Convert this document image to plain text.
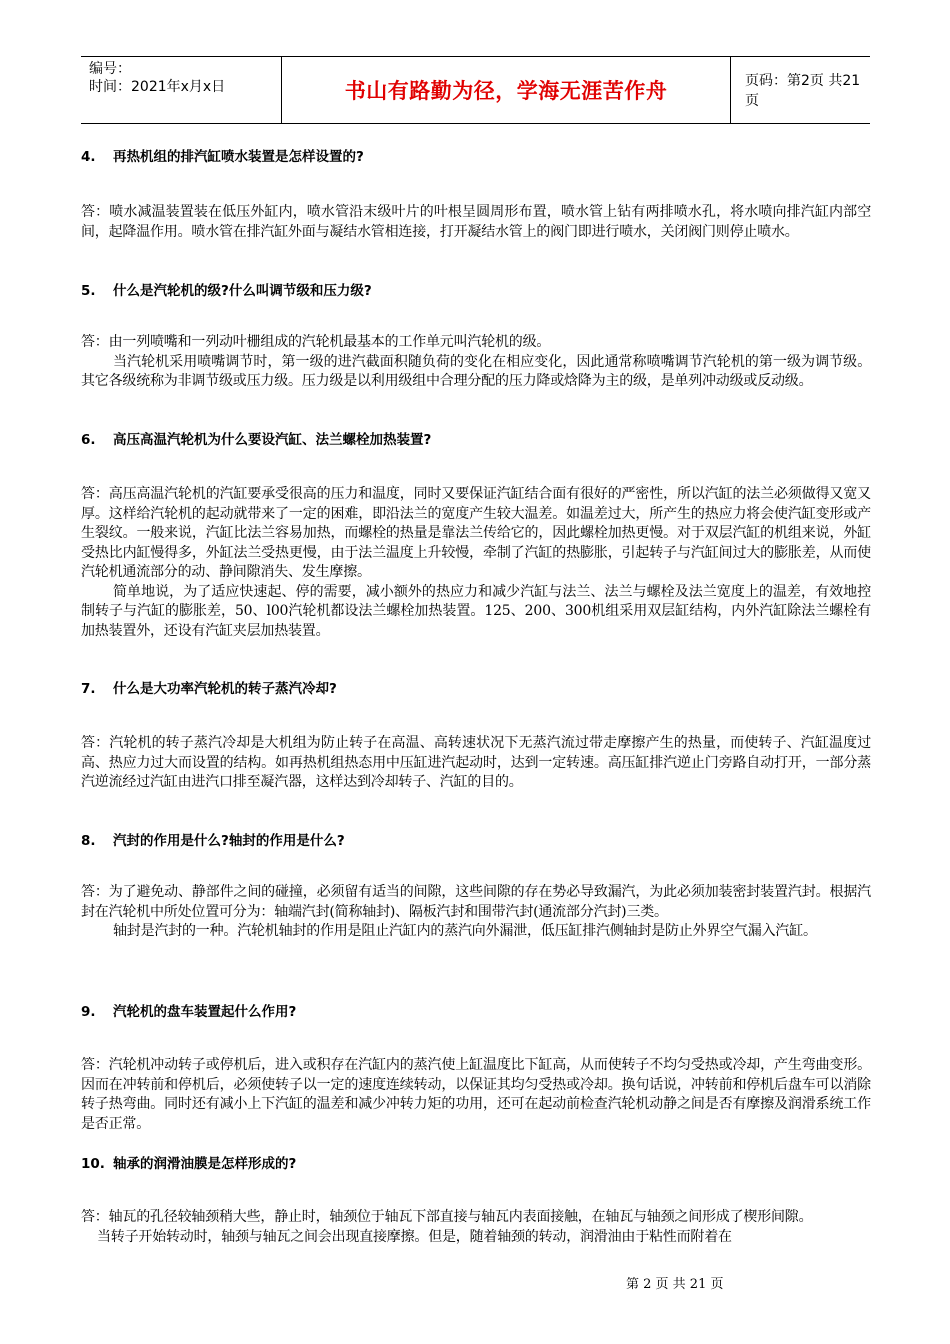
编号：
时间：2021年x月x日	书山有路勤为径，学海无涯苦作舟	页码：第2页 共21页
4. 再热机组的排汽缸喷水装置是怎样设置的?

答：喷水减温装置装在低压外缸内，喷水管沿末级叶片的叶根呈圆周形布置，喷水管上钻有两排喷水孔，将水喷向排汽缸内部空间，起降温作用。喷水管在排汽缸外面与凝结水管相连接，打开凝结水管上的阀门即进行喷水，关闭阀门则停止喷水。

5. 什么是汽轮机的级?什么叫调节级和压力级?

答：由一列喷嘴和一列动叶栅组成的汽轮机最基本的工作单元叫汽轮机的级。

当汽轮机采用喷嘴调节时，第一级的进汽截面积随负荷的变化在相应变化，因此通常称喷嘴调节汽轮机的第一级为调节级。其它各级统称为非调节级或压力级。压力级是以利用级组中合理分配的压力降或焓降为主的级，是单列冲动级或反动级。

6. 高压高温汽轮机为什么要设汽缸、法兰螺栓加热装置?

答：高压高温汽轮机的汽缸要承受很高的压力和温度，同时又要保证汽缸结合面有很好的严密性，所以汽缸的法兰必须做得又宽又厚。这样给汽轮机的起动就带来了一定的困难，即沿法兰的宽度产生较大温差。如温差过大，所产生的热应力将会使汽缸变形或产生裂纹。一般来说，汽缸比法兰容易加热，而螺栓的热量是靠法兰传给它的，因此螺栓加热更慢。对于双层汽缸的机组来说，外缸受热比内缸慢得多，外缸法兰受热更慢，由于法兰温度上升较慢，牵制了汽缸的热膨胀，引起转子与汽缸间过大的膨胀差，从而使汽轮机通流部分的动、静间隙消失、发生摩擦。

简单地说，为了适应快速起、停的需要，减小额外的热应力和减少汽缸与法兰、法兰与螺栓及法兰宽度上的温差，有效地控制转子与汽缸的膨胀差，50、l00汽轮机都设法兰螺栓加热装置。125、200、300机组采用双层缸结构，内外汽缸除法兰螺栓有加热装置外，还设有汽缸夹层加热装置。

7. 什么是大功率汽轮机的转子蒸汽冷却?

答：汽轮机的转子蒸汽冷却是大机组为防止转子在高温、高转速状况下无蒸汽流过带走摩擦产生的热量，而使转子、汽缸温度过高、热应力过大而设置的结构。如再热机组热态用中压缸进汽起动时，达到一定转速。高压缸排汽逆止门旁路自动打开，一部分蒸汽逆流经过汽缸由进汽口排至凝汽器，这样达到冷却转子、汽缸的目的。

8. 汽封的作用是什么?轴封的作用是什么?

答：为了避免动、静部件之间的碰撞，必须留有适当的间隙，这些间隙的存在势必导致漏汽，为此必须加装密封装置汽封。根据汽封在汽轮机中所处位置可分为：轴端汽封(简称轴封)、隔板汽封和围带汽封(通流部分汽封)三类。

轴封是汽封的一种。汽轮机轴封的作用是阻止汽缸内的蒸汽向外漏泄，低压缸排汽侧轴封是防止外界空气漏入汽缸。

9. 汽轮机的盘车装置起什么作用?

答：汽轮机冲动转子或停机后，进入或积存在汽缸内的蒸汽使上缸温度比下缸高，从而使转子不均匀受热或冷却，产生弯曲变形。因而在冲转前和停机后，必须使转子以一定的速度连续转动，以保证其均匀受热或冷却。换句话说，冲转前和停机后盘车可以消除转子热弯曲。同时还有减小上下汽缸的温差和减少冲转力矩的功用，还可在起动前检查汽轮机动静之间是否有摩擦及润滑系统工作是否正常。

10. 轴承的润滑油膜是怎样形成的?

答：轴瓦的孔径较轴颈稍大些，静止时，轴颈位于轴瓦下部直接与轴瓦内表面接触，在轴瓦与轴颈之间形成了楔形间隙。

当转子开始转动时，轴颈与轴瓦之间会出现直接摩擦。但是，随着轴颈的转动，润滑油由于粘性而附着在

第 2 页 共 21 页
